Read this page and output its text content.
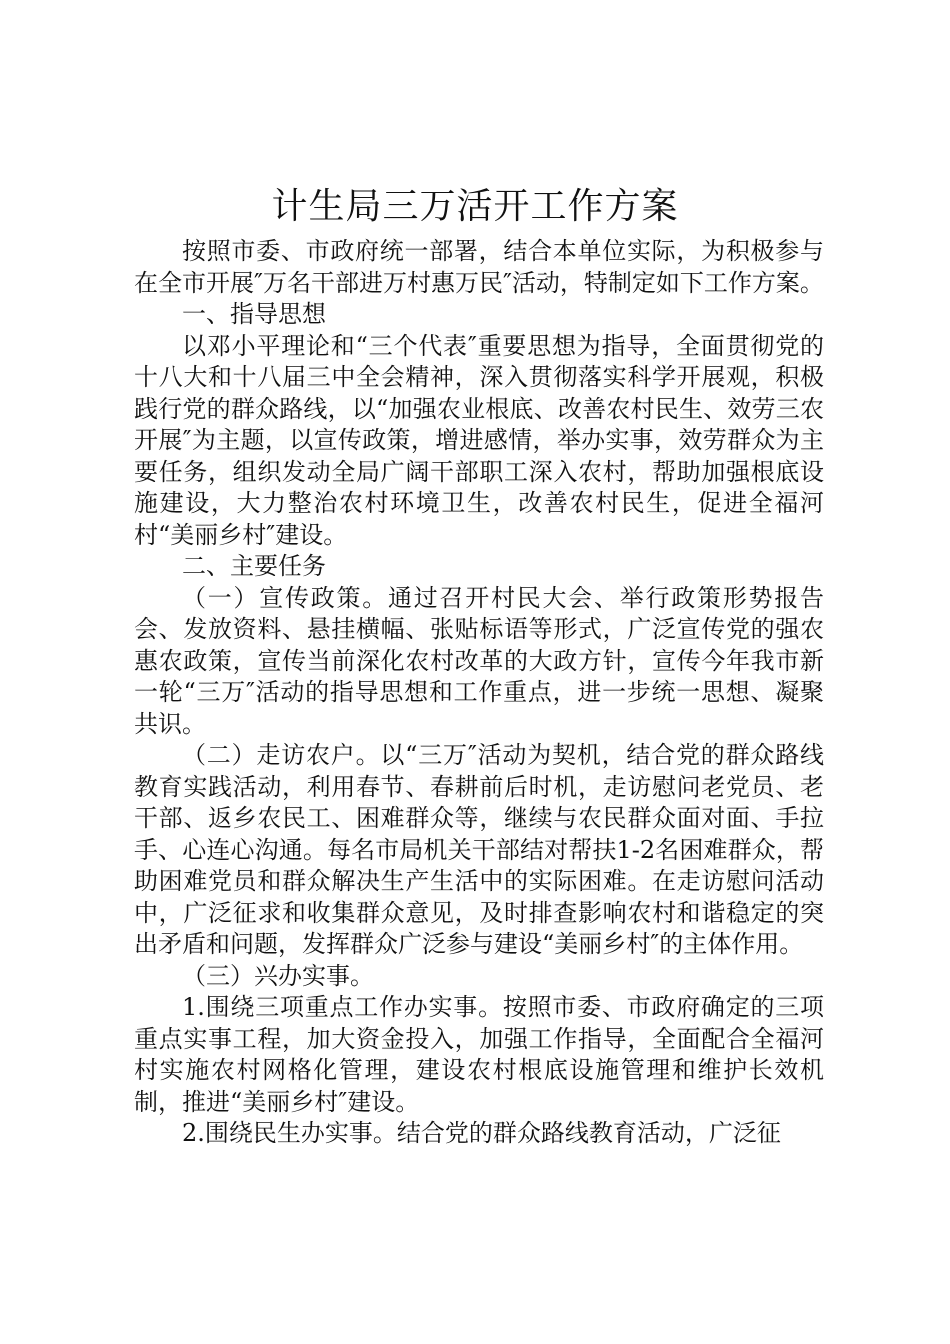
计生局三万活开工作方案

按照市委、市政府统一部署，结合本单位实际，为积极参与在全市开展″万名干部进万村惠万民″活动，特制定如下工作方案。

一、指导思想

以邓小平理论和“三个代表″重要思想为指导，全面贯彻党的十八大和十八届三中全会精神，深入贯彻落实科学开展观，积极践行党的群众路线，以“加强农业根底、改善农村民生、效劳三农开展″为主题，以宣传政策，增进感情，举办实事，效劳群众为主要任务，组织发动全局广阔干部职工深入农村，帮助加强根底设施建设，大力整治农村环境卫生，改善农村民生，促进全福河村“美丽乡村″建设。

二、主要任务

（一）宣传政策。通过召开村民大会、举行政策形势报告会、发放资料、悬挂横幅、张贴标语等形式，广泛宣传党的强农惠农政策，宣传当前深化农村改革的大政方针，宣传今年我市新一轮“三万″活动的指导思想和工作重点，进一步统一思想、凝聚共识。

（二）走访农户。以“三万″活动为契机，结合党的群众路线教育实践活动，利用春节、春耕前后时机，走访慰问老党员、老干部、返乡农民工、困难群众等，继续与农民群众面对面、手拉手、心连心沟通。每名市局机关干部结对帮扶1-2名困难群众，帮助困难党员和群众解决生产生活中的实际困难。在走访慰问活动中，广泛征求和收集群众意见，及时排查影响农村和谐稳定的突出矛盾和问题，发挥群众广泛参与建设“美丽乡村″的主体作用。

（三）兴办实事。

1.围绕三项重点工作办实事。按照市委、市政府确定的三项重点实事工程，加大资金投入，加强工作指导，全面配合全福河村实施农村网格化管理，建设农村根底设施管理和维护长效机制，推进“美丽乡村″建设。

2.围绕民生办实事。结合党的群众路线教育活动，广泛征
